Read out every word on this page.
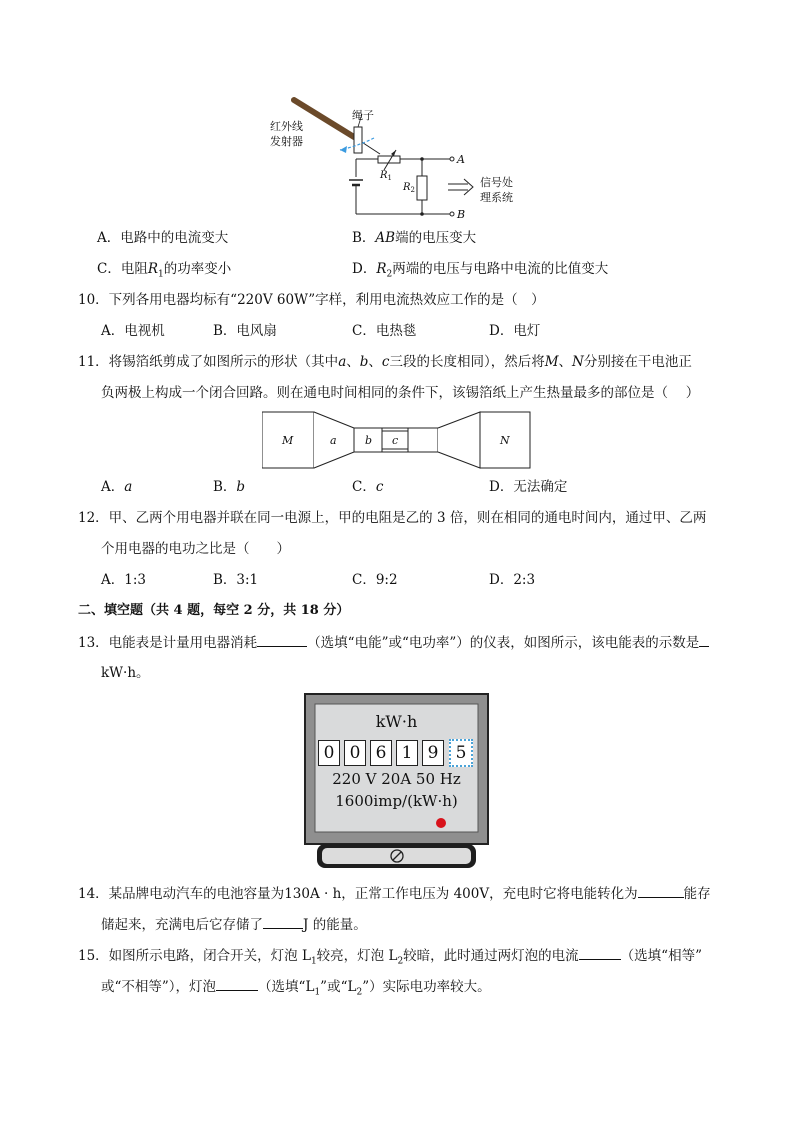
红外线
发射器
绳子
$R_1$
$R_2$
A
B
信号处
理系统
A．电路中的电流变大	B．AB端的电压变大
C．电阻$R_1$的功率变小	D．$R_2$两端的电压与电路中电流的比值变大
10．下列各用电器均标有“220V 60W”字样，利用电流热效应工作的是（　）
A．电视机	B．电风扇	C．电热毯	D．电灯
11．将锡箔纸剪成了如图所示的形状（其中a、b、c三段的长度相同），然后将M、N分别接在干电池正
负两极上构成一个闭合回路。则在通电时间相同的条件下，该锡箔纸上产生热量最多的部位是（　 ）
M	a	b c	N
A．a	B．b	C．c	D．无法确定
12．甲、乙两个用电器并联在同一电源上，甲的电阻是乙的 3 倍，则在相同的通电时间内，通过甲、乙两
个用电器的电功之比是（　　）
A．1:3	B．3:1	C．9:2	D．2:3
二、填空题（共 4 题，每空 2 分，共 18 分）
13．电能表是计量用电器消耗	（选填“电能”或“电功率”）的仪表，如图所示，该电能表的示数是
kW·h。
kW·h
0 0 6 1 9	5
220 V 20A 50 Hz
1600imp/(kW·h)
14．某品牌电动汽车的电池容量为130A · h，正常工作电压为 400V，充电时它将电能转化为	能存
储起来，充满电后它存储了	J 的能量。
15．如图所示电路，闭合开关，灯泡 $L_1$较亮，灯泡 $L_2$较暗，此时通过两灯泡的电流	（选填“相等”
或“不相等”），灯泡	（选填“$L_1$”或“$L_2$”）实际电功率较大。
